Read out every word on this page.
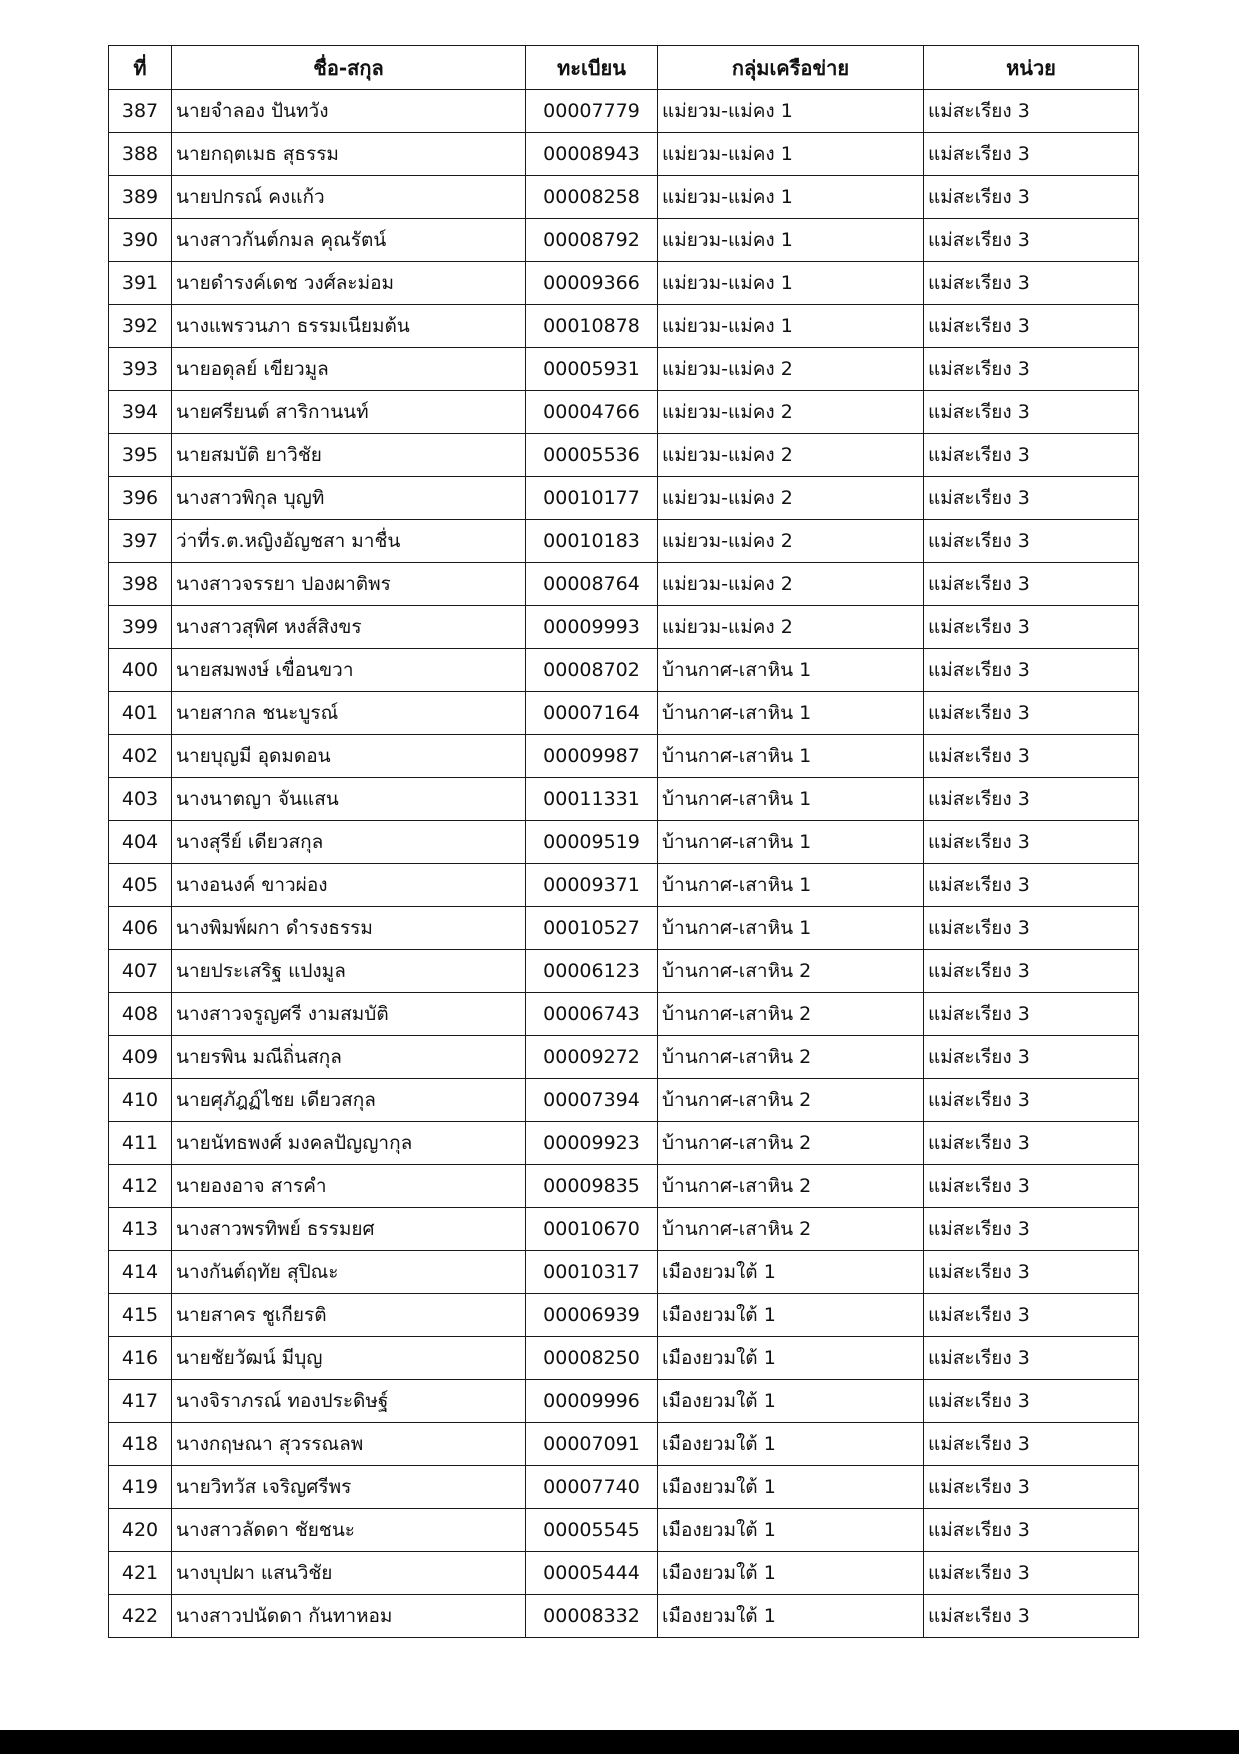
ที่	ชื่อ-สกุล	ทะเบียน	กลุ่มเครือข่าย	หน่วย
387	นายจำลอง ปันทวัง	00007779	แม่ยวม-แม่คง 1	แม่สะเรียง 3
388	นายกฤตเมธ สุธรรม	00008943	แม่ยวม-แม่คง 1	แม่สะเรียง 3
389	นายปกรณ์ คงแก้ว	00008258	แม่ยวม-แม่คง 1	แม่สะเรียง 3
390	นางสาวกันต์กมล คุณรัตน์	00008792	แม่ยวม-แม่คง 1	แม่สะเรียง 3
391	นายดำรงค์เดช วงศ์ละม่อม	00009366	แม่ยวม-แม่คง 1	แม่สะเรียง 3
392	นางแพรวนภา ธรรมเนียมต้น	00010878	แม่ยวม-แม่คง 1	แม่สะเรียง 3
393	นายอดุลย์ เขียวมูล	00005931	แม่ยวม-แม่คง 2	แม่สะเรียง 3
394	นายศรียนต์ สาริกานนท์	00004766	แม่ยวม-แม่คง 2	แม่สะเรียง 3
395	นายสมบัติ ยาวิชัย	00005536	แม่ยวม-แม่คง 2	แม่สะเรียง 3
396	นางสาวพิกุล บุญทิ	00010177	แม่ยวม-แม่คง 2	แม่สะเรียง 3
397	ว่าที่ร.ต.หญิงอัญชสา มาชื่น	00010183	แม่ยวม-แม่คง 2	แม่สะเรียง 3
398	นางสาวจรรยา ปองผาติพร	00008764	แม่ยวม-แม่คง 2	แม่สะเรียง 3
399	นางสาวสุพิศ หงส์สิงขร	00009993	แม่ยวม-แม่คง 2	แม่สะเรียง 3
400	นายสมพงษ์ เขื่อนขวา	00008702	บ้านกาศ-เสาหิน 1	แม่สะเรียง 3
401	นายสากล ชนะบูรณ์	00007164	บ้านกาศ-เสาหิน 1	แม่สะเรียง 3
402	นายบุญมี อุดมดอน	00009987	บ้านกาศ-เสาหิน 1	แม่สะเรียง 3
403	นางนาตญา จันแสน	00011331	บ้านกาศ-เสาหิน 1	แม่สะเรียง 3
404	นางสุรีย์ เดียวสกุล	00009519	บ้านกาศ-เสาหิน 1	แม่สะเรียง 3
405	นางอนงค์ ขาวผ่อง	00009371	บ้านกาศ-เสาหิน 1	แม่สะเรียง 3
406	นางพิมพ์ผกา ดำรงธรรม	00010527	บ้านกาศ-เสาหิน 1	แม่สะเรียง 3
407	นายประเสริฐ แปงมูล	00006123	บ้านกาศ-เสาหิน 2	แม่สะเรียง 3
408	นางสาวจรูญศรี งามสมบัติ	00006743	บ้านกาศ-เสาหิน 2	แม่สะเรียง 3
409	นายรพิน มณีถิ่นสกุล	00009272	บ้านกาศ-เสาหิน 2	แม่สะเรียง 3
410	นายศุภัฎฏ์ไชย เดียวสกุล	00007394	บ้านกาศ-เสาหิน 2	แม่สะเรียง 3
411	นายนัทธพงศ์ มงคลปัญญากุล	00009923	บ้านกาศ-เสาหิน 2	แม่สะเรียง 3
412	นายองอาจ สารคำ	00009835	บ้านกาศ-เสาหิน 2	แม่สะเรียง 3
413	นางสาวพรทิพย์ ธรรมยศ	00010670	บ้านกาศ-เสาหิน 2	แม่สะเรียง 3
414	นางกันต์ฤทัย สุปิณะ	00010317	เมืองยวมใต้ 1	แม่สะเรียง 3
415	นายสาคร ชูเกียรติ	00006939	เมืองยวมใต้ 1	แม่สะเรียง 3
416	นายชัยวัฒน์ มีบุญ	00008250	เมืองยวมใต้ 1	แม่สะเรียง 3
417	นางจิราภรณ์ ทองประดิษฐ์	00009996	เมืองยวมใต้ 1	แม่สะเรียง 3
418	นางกฤษณา สุวรรณลพ	00007091	เมืองยวมใต้ 1	แม่สะเรียง 3
419	นายวิทวัส เจริญศรีพร	00007740	เมืองยวมใต้ 1	แม่สะเรียง 3
420	นางสาวลัดดา ชัยชนะ	00005545	เมืองยวมใต้ 1	แม่สะเรียง 3
421	นางบุปผา แสนวิชัย	00005444	เมืองยวมใต้ 1	แม่สะเรียง 3
422	นางสาวปนัดดา กันทาหอม	00008332	เมืองยวมใต้ 1	แม่สะเรียง 3
